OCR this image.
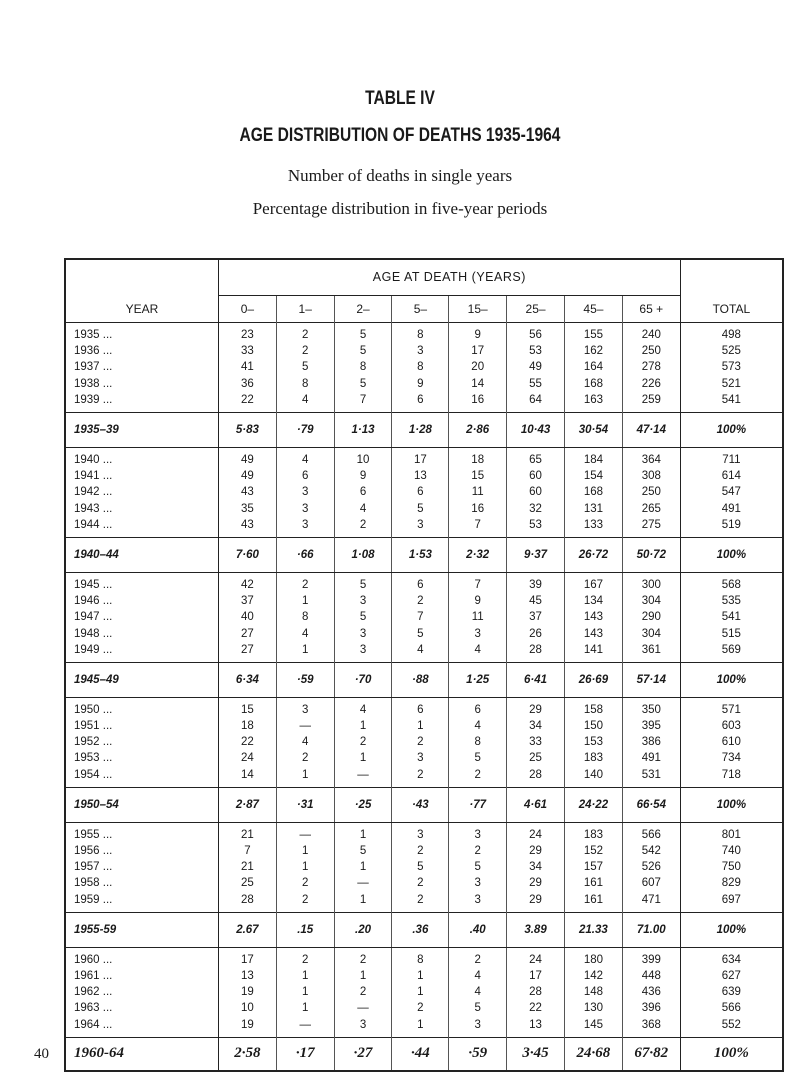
TABLE IV
AGE DISTRIBUTION OF DEATHS 1935-1964
Number of deaths in single years
Percentage distribution in five-year periods
YEAR	AGE AT DEATH (YEARS)								TOTAL
	0–	1–	2–	5–	15–	25–	45–	65 +	
1935 ...	23	2	5	8	9	56	155	240	498
1936 ...	33	2	5	3	17	53	162	250	525
1937 ...	41	5	8	8	20	49	164	278	573
1938 ...	36	8	5	9	14	55	168	226	521
1939 ...	22	4	7	6	16	64	163	259	541
1935–39	5·83	·79	1·13	1·28	2·86	10·43	30·54	47·14	100%
1940 ...	49	4	10	17	18	65	184	364	711
1941 ...	49	6	9	13	15	60	154	308	614
1942 ...	43	3	6	6	11	60	168	250	547
1943 ...	35	3	4	5	16	32	131	265	491
1944 ...	43	3	2	3	7	53	133	275	519
1940–44	7·60	·66	1·08	1·53	2·32	9·37	26·72	50·72	100%
1945 ...	42	2	5	6	7	39	167	300	568
1946 ...	37	1	3	2	9	45	134	304	535
1947 ...	40	8	5	7	11	37	143	290	541
1948 ...	27	4	3	5	3	26	143	304	515
1949 ...	27	1	3	4	4	28	141	361	569
1945–49	6·34	·59	·70	·88	1·25	6·41	26·69	57·14	100%
1950 ...	15	3	4	6	6	29	158	350	571
1951 ...	18	—	1	1	4	34	150	395	603
1952 ...	22	4	2	2	8	33	153	386	610
1953 ...	24	2	1	3	5	25	183	491	734
1954 ...	14	1	—	2	2	28	140	531	718
1950–54	2·87	·31	·25	·43	·77	4·61	24·22	66·54	100%
1955 ...	21	—	1	3	3	24	183	566	801
1956 ...	7	1	5	2	2	29	152	542	740
1957 ...	21	1	1	5	5	34	157	526	750
1958 ...	25	2	—	2	3	29	161	607	829
1959 ...	28	2	1	2	3	29	161	471	697
1955-59	2.67	.15	.20	.36	.40	3.89	21.33	71.00	100%
1960 ...	17	2	2	8	2	24	180	399	634
1961 ...	13	1	1	1	4	17	142	448	627
1962 ...	19	1	2	1	4	28	148	436	639
1963 ...	10	1	—	2	5	22	130	396	566
1964 ...	19	—	3	1	3	13	145	368	552
1960-64	2·58	·17	·27	·44	·59	3·45	24·68	67·82	100%
40
